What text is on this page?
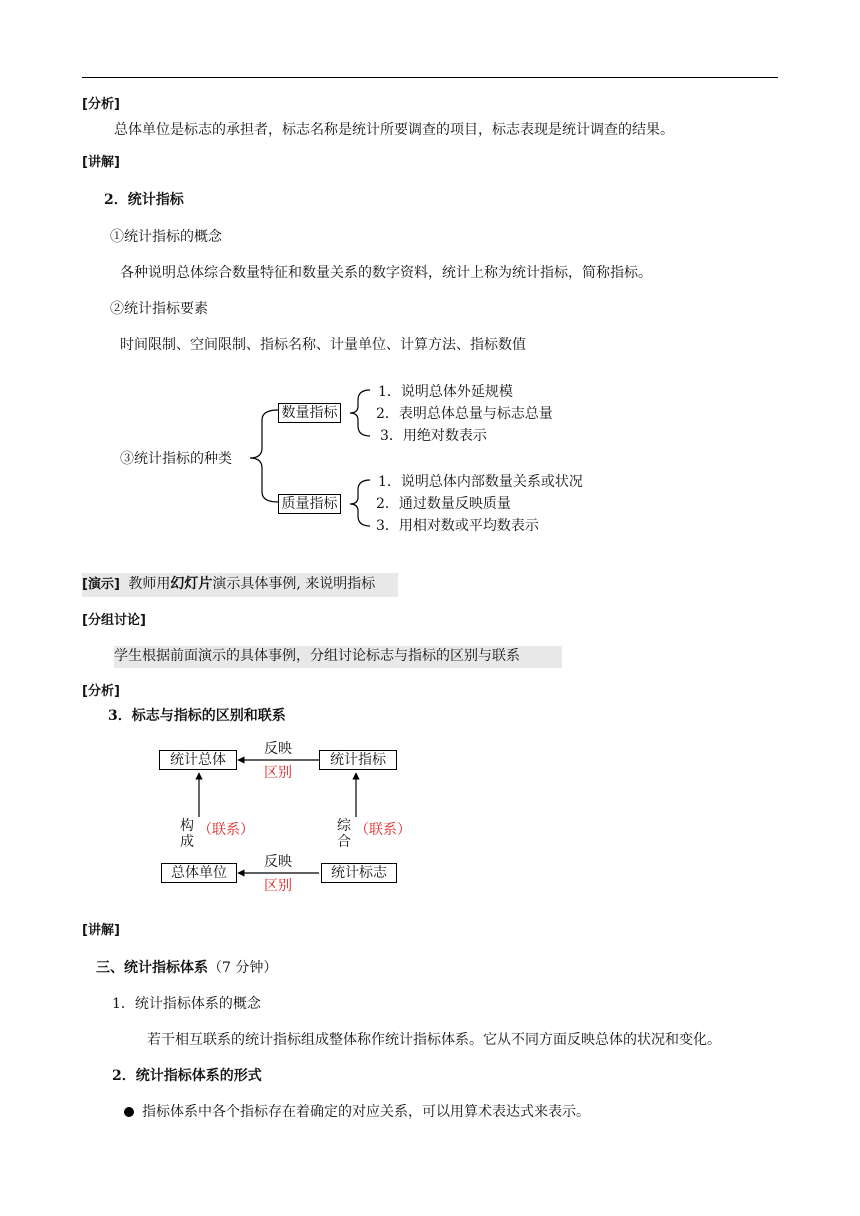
[分析]
总体单位是标志的承担者，标志名称是统计所要调查的项目，标志表现是统计调查的结果。
[讲解]
2．统计指标
①统计指标的概念
各种说明总体综合数量特征和数量关系的数字资料，统计上称为统计指标，简称指标。
②统计指标要素
时间限制、空间限制、指标名称、计量单位、计算方法、指标数值
③统计指标的种类
数量指标
质量指标
1．说明总体外延规模
2．表明总体总量与标志总量
3．用绝对数表示
1．说明总体内部数量关系或状况
2．通过数量反映质量
3．用相对数或平均数表示
[演示] 教师用幻灯片演示具体事例, 来说明指标
[分组讨论]
学生根据前面演示的具体事例，分组讨论标志与指标的区别与联系
[分析]
3．标志与指标的区别和联系
统计总体	统计指标
总体单位	统计标志
反映
区别
反映
区别
构
成
（联系）	综
合
（联系）
[讲解]
三、统计指标体系（7 分钟）
1．统计指标体系的概念
若干相互联系的统计指标组成整体称作统计指标体系。它从不同方面反映总体的状况和变化。
2．统计指标体系的形式
指标体系中各个指标存在着确定的对应关系，可以用算术表达式来表示。
